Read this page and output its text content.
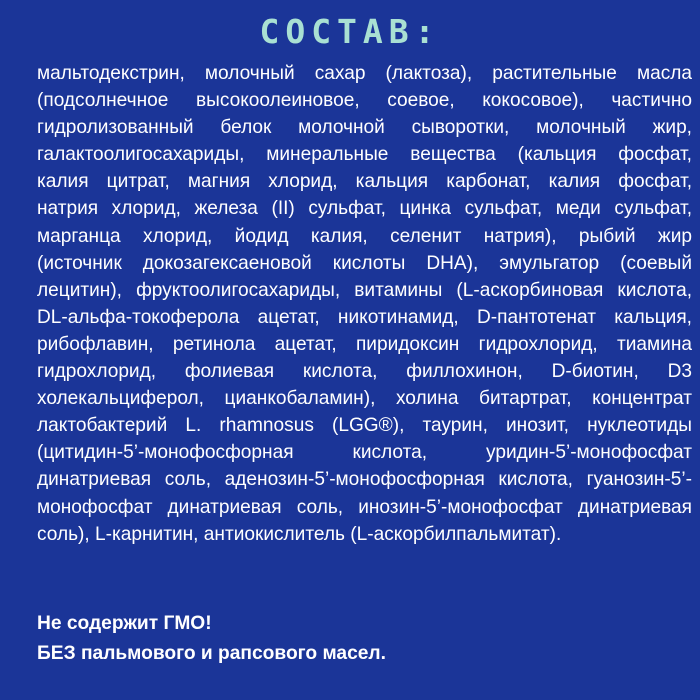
СОСТАВ:
мальтодекстрин, молочный сахар (лактоза), растительные масла
(подсолнечное высокоолеиновое, соевое, кокосовое), частично
гидролизованный белок молочной сыворотки, молочный жир,
галактоолигосахариды, минеральные вещества (кальция фосфат,
калия цитрат, магния хлорид, кальция карбонат, калия фосфат,
натрия хлорид, железа (II) сульфат, цинка сульфат, меди сульфат,
марганца хлорид, йодид калия, селенит натрия), рыбий жир
(источник докозагексаеновой кислоты DHA), эмульгатор (соевый
лецитин), фруктоолигосахариды, витамины (L-аскорбиновая кислота,
DL-альфа-токоферола ацетат, никотинамид, D-пантотенат кальция,
рибофлавин, ретинола ацетат, пиридоксин гидрохлорид, тиамина
гидрохлорид, фолиевая кислота, филлохинон, D-биотин, D3
холекальциферол, цианкобаламин), холина битартрат, концентрат
лактобактерий L. rhamnosus (LGG®), таурин, инозит, нуклеотиды
(цитидин-5’-монофосфорная кислота, уридин-5’-монофосфат
динатриевая соль, аденозин-5’-монофосфорная кислота, гуанозин-5’-
монофосфат динатриевая соль, инозин-5’-монофосфат динатриевая
соль), L-карнитин, антиокислитель (L-аскорбилпальмитат).
Не содержит ГМО!
БЕЗ пальмового и рапсового масел.
